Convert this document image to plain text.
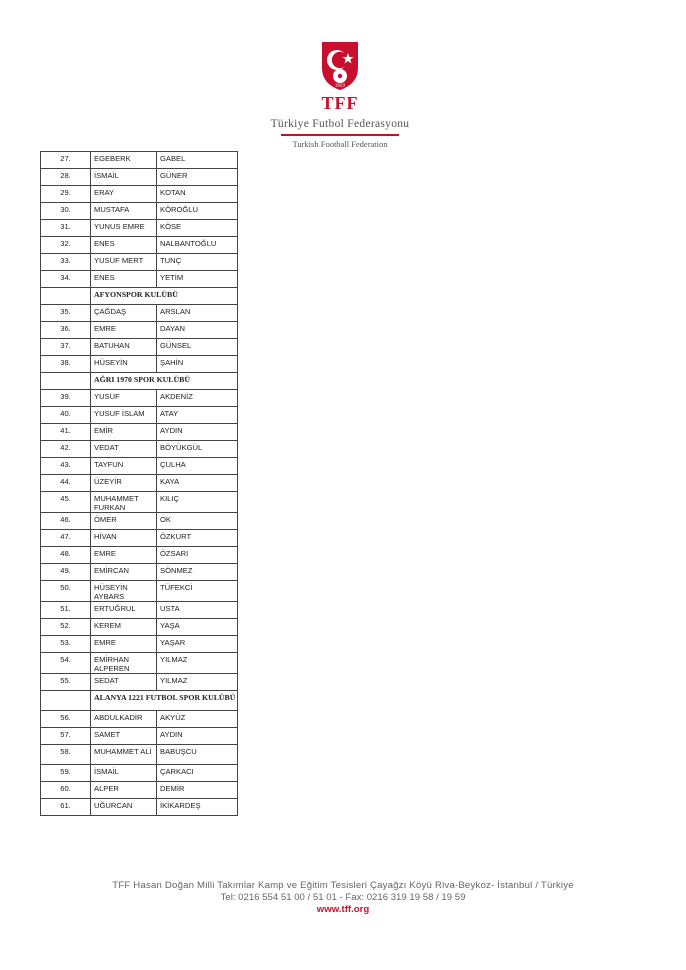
1923
TFF
Türkiye Futbol Federasyonu
Turkish Football Federation
27.	EGEBERK	GABEL
28.	İSMAİL	GÜNER
29.	ERAY	KOTAN
30.	MUSTAFA	KÖROĞLU
31.	YUNUS EMRE	KÖSE
32.	ENES	NALBANTOĞLU
33.	YUSUF MERT	TUNÇ
34.	ENES	YETİM
	AFYONSPOR KULÜBÜ	
35.	ÇAĞDAŞ	ARSLAN
36.	EMRE	DAYAN
37.	BATUHAN	GÜNSEL
38.	HÜSEYİN	ŞAHİN
	AĞRI 1970 SPOR KULÜBÜ	
39.	YUSUF	AKDENİZ
40.	YUSUF İSLAM	ATAY
41.	EMİR	AYDIN
42.	VEDAT	BÖYÜKGÜL
43.	TAYFUN	ÇULHA
44.	ÜZEYİR	KAYA
45.	MUHAMMET FURKAN	KILIÇ
46.	ÖMER	OK
47.	HİVAN	ÖZKURT
48.	EMRE	ÖZSARI
49.	EMİRCAN	SÖNMEZ
50.	HÜSEYİN AYBARS	TÜFEKCİ
51.	ERTUĞRUL	USTA
52.	KEREM	YAŞA
53.	EMRE	YAŞAR
54.	EMİRHAN ALPEREN	YILMAZ
55.	SEDAT	YILMAZ
	ALANYA 1221 FUTBOL SPOR KULÜBÜ	
56.	ABDULKADİR	AKYÜZ
57.	SAMET	AYDIN
58.	MUHAMMET ALİ	BABUŞCU
59.	İSMAİL	ÇARKACI
60.	ALPER	DEMİR
61.	UĞURCAN	İKİKARDEŞ
TFF Hasan Doğan Milli Takımlar Kamp ve Eğitim Tesisleri Çayağzı Köyü Riva-Beykoz- İstanbul / Türkiye
Tel: 0216 554 51 00 / 51 01 - Fax: 0216 319 19 58 / 19 59
www.tff.org
